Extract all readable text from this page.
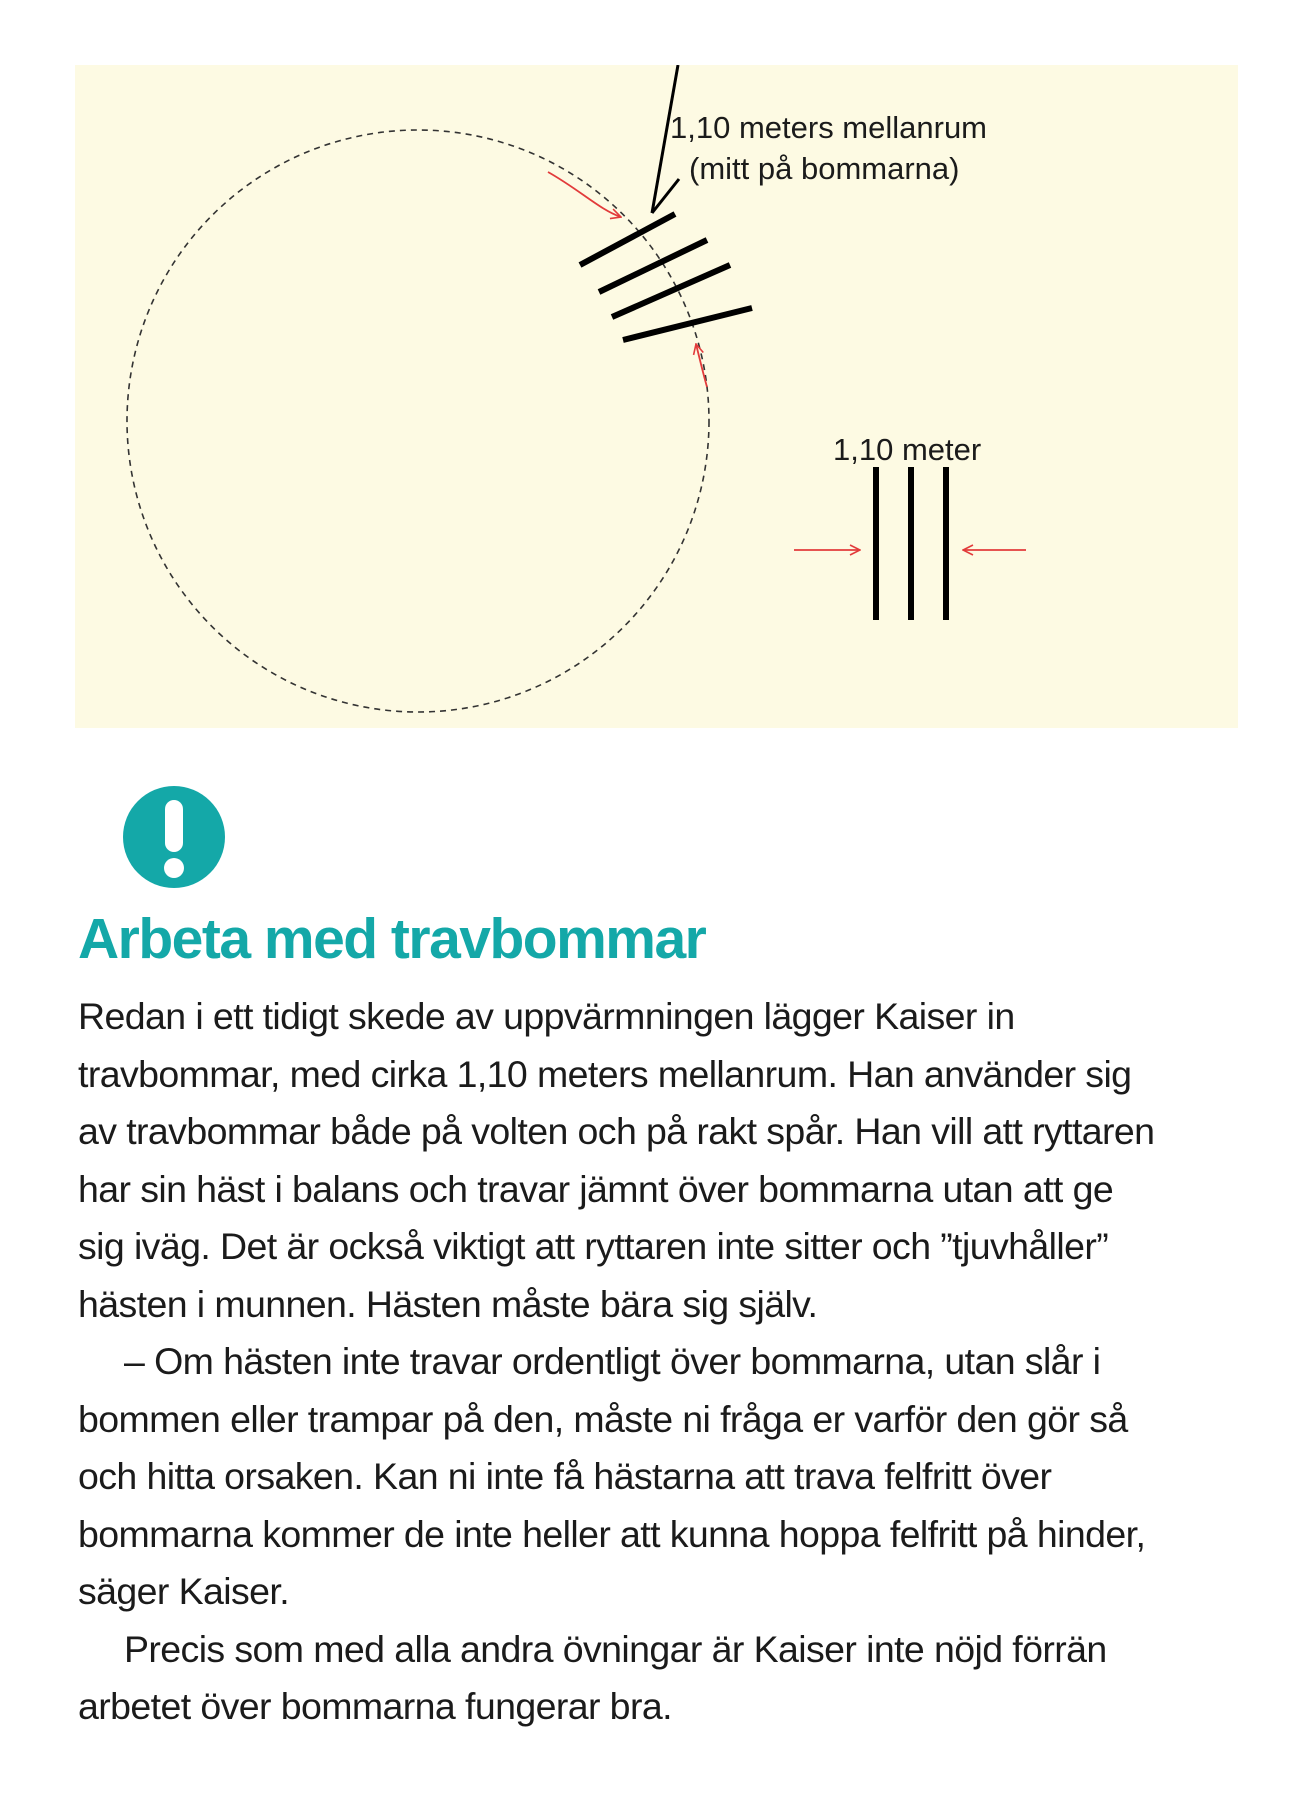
1,10 meters mellanrum
(mitt på bommarna)
1,10 meter
Arbeta med travbommar

Redan i ett tidigt skede av uppvärmningen lägger Kaiser in travbommar, med cirka 1,10 meters mellanrum. Han använder sig av travbommar både på volten och på rakt spår. Han vill att ryttaren har sin häst i balans och travar jämnt över bommarna utan att ge sig iväg. Det är också viktigt att ryttaren inte sitter och ”tjuvhåller” hästen i munnen. Hästen måste bära sig själv.

– Om hästen inte travar ordentligt över bommarna, utan slår i bommen eller trampar på den, måste ni fråga er varför den gör så och hitta orsaken. Kan ni inte få hästarna att trava felfritt över bommarna kommer de inte heller att kunna hoppa felfritt på hinder, säger Kaiser.

Precis som med alla andra övningar är Kaiser inte nöjd förrän arbetet över bommarna fungerar bra.
